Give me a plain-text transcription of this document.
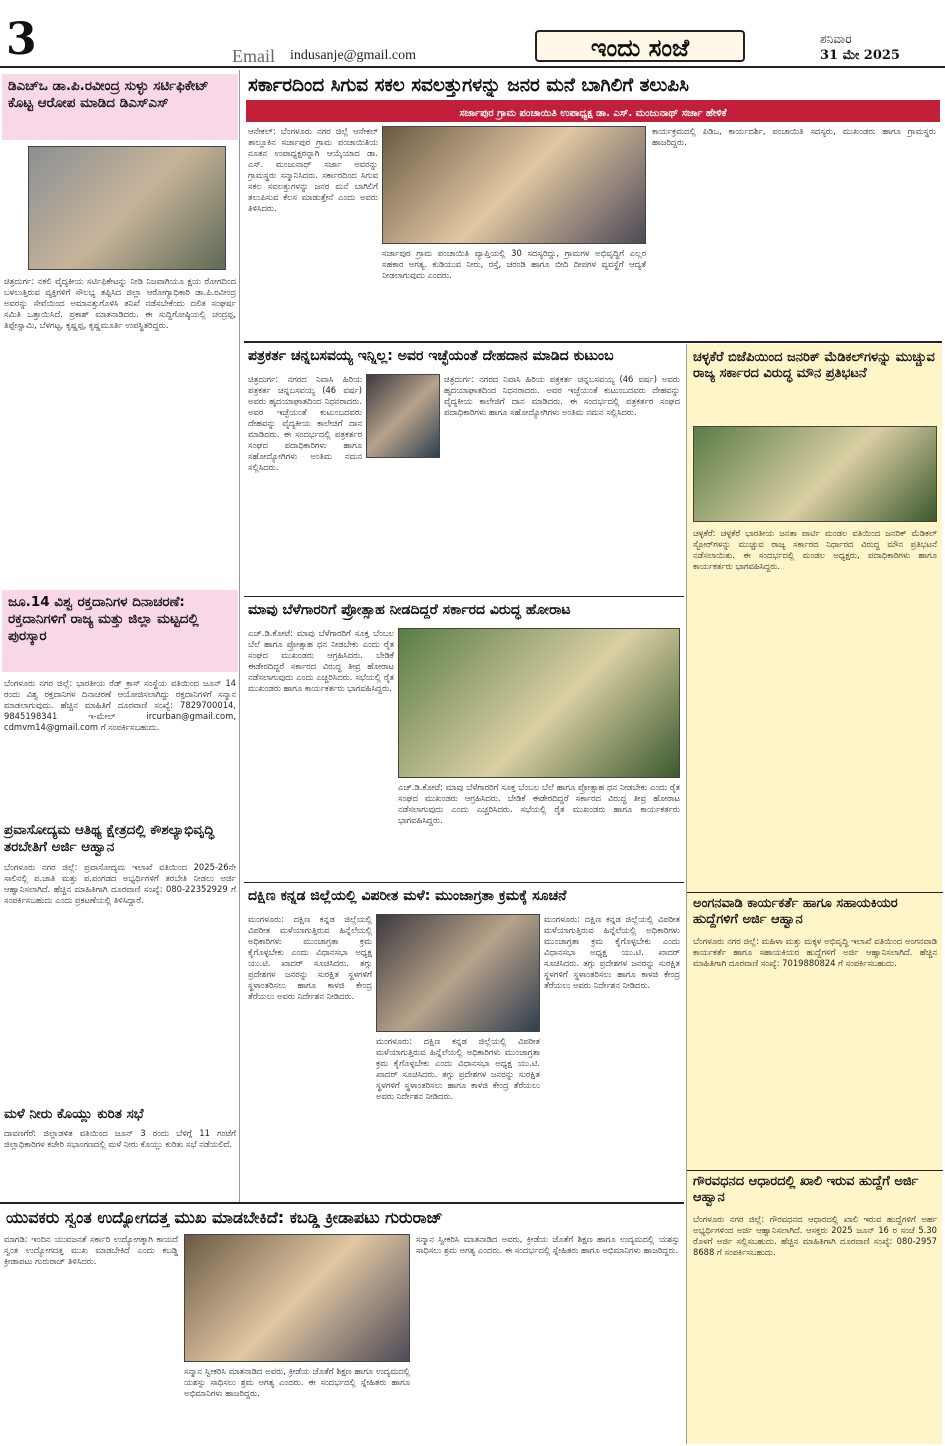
3	Email indusanje@gmail.com	ಇಂದು ಸಂಜೆ	ಶನಿವಾರ
31 ಮೇ 2025
ಡಿಎಚ್‌ಒ ಡಾ.ಪಿ.ರವೀಂದ್ರ ಸುಳ್ಳು ಸರ್ಟಿಫಿಕೇಟ್ ಕೊಟ್ಟ ಆರೋಪ ಮಾಡಿದ ಡಿಎಸ್‌ಎಸ್
ಚಿತ್ರದುರ್ಗ: ನಕಲಿ ವೈದ್ಯಕೀಯ ಸರ್ಟಿಫಿಕೇಟನ್ನು ನೀಡಿ ನಿಜವಾಗಿಯೂ ಕ್ಷಯ ರೋಗದಿಂದ ಬಳಲುತ್ತಿರುವ ವ್ಯಕ್ತಿಗಳಿಗೆ ಸೌಲಭ್ಯ ತಪ್ಪಿಸಿದ ಜಿಲ್ಲಾ ಆರೋಗ್ಯಾಧಿಕಾರಿ ಡಾ.ಪಿ.ರವೀಂದ್ರ ಅವರನ್ನು ಸೇವೆಯಿಂದ ಅಮಾನತ್ತುಗೊಳಿಸಿ ತನಿಖೆ ನಡೆಸಬೇಕೆಂದು ದಲಿತ ಸಂಘರ್ಷ ಸಮಿತಿ ಒತ್ತಾಯಿಸಿದೆ. ಪ್ರಕಾಶ್ ಮಾತನಾಡಿದರು. ಈ ಸುದ್ದಿಗೋಷ್ಠಿಯಲ್ಲಿ ಚಂದ್ರಪ್ಪ, ತಿಪ್ಪೇಸ್ವಾಮಿ, ಬೆಳಗಟ್ಟ, ಕೃಷ್ಣಪ್ಪ, ಕೃಷ್ಣಮೂರ್ತಿ ಉಪಸ್ಥಿತರಿದ್ದರು.
ಜೂ.14 ವಿಶ್ವ ರಕ್ತದಾನಿಗಳ ದಿನಾಚರಣೆ: ರಕ್ತದಾನಿಗಳಿಗೆ ರಾಜ್ಯ ಮತ್ತು ಜಿಲ್ಲಾ ಮಟ್ಟದಲ್ಲಿ ಪುರಸ್ಕಾರ
ಬೆಂಗಳೂರು ನಗರ ಜಿಲ್ಲೆ: ಭಾರತೀಯ ರೆಡ್ ಕ್ರಾಸ್ ಸಂಸ್ಥೆಯ ವತಿಯಿಂದ ಜೂನ್ 14 ರಂದು ವಿಶ್ವ ರಕ್ತದಾನಿಗಳ ದಿನಾಚರಣೆ ಆಯೋಜಿಸಲಾಗಿದ್ದು ರಕ್ತದಾನಿಗಳಿಗೆ ಸನ್ಮಾನ ಮಾಡಲಾಗುವುದು. ಹೆಚ್ಚಿನ ಮಾಹಿತಿಗೆ ದೂರವಾಣಿ ಸಂಖ್ಯೆ: 7829700014, 9845198341 ಇ-ಮೇಲ್ ircurban@gmail.com, cdmvm14@gmail.com ಗೆ ಸಂಪರ್ಕಿಸಬಹುದು.
ಪ್ರವಾಸೋದ್ಯಮ ಆತಿಥ್ಯ ಕ್ಷೇತ್ರದಲ್ಲಿ ಕೌಶಲ್ಯಾಭಿವೃದ್ಧಿ ತರಬೇತಿಗೆ ಅರ್ಜಿ ಆಹ್ವಾನ
ಬೆಂಗಳೂರು ನಗರ ಜಿಲ್ಲೆ: ಪ್ರವಾಸೋದ್ಯಮ ಇಲಾಖೆ ವತಿಯಿಂದ 2025-26ನೇ ಸಾಲಿನಲ್ಲಿ ಪ.ಜಾತಿ ಮತ್ತು ಪ.ಪಂಗಡದ ಅಭ್ಯರ್ಥಿಗಳಿಗೆ ತರಬೇತಿ ನೀಡಲು ಅರ್ಜಿ ಆಹ್ವಾನಿಸಲಾಗಿದೆ. ಹೆಚ್ಚಿನ ಮಾಹಿತಿಗಾಗಿ ದೂರವಾಣಿ ಸಂಖ್ಯೆ: 080-22352929 ಗೆ ಸಂಪರ್ಕಿಸಬಹುದು ಎಂದು ಪ್ರಕಟಣೆಯಲ್ಲಿ ತಿಳಿಸಿದ್ದಾರೆ.
ಮಳೆ ನೀರು ಕೊಯ್ಲು ಕುರಿತ ಸಭೆ
ದಾವಣಗೆರೆ: ಜಿಲ್ಲಾಡಳಿತ ವತಿಯಿಂದ ಜೂನ್ 3 ರಂದು ಬೆಳಿಗ್ಗೆ 11 ಗಂಟೆಗೆ ಜಿಲ್ಲಾಧಿಕಾರಿಗಳ ಕಚೇರಿ ಸಭಾಂಗಣದಲ್ಲಿ ಮಳೆ ನೀರು ಕೊಯ್ಲು ಕುರಿತು ಸಭೆ ನಡೆಯಲಿದೆ.
ಸರ್ಕಾರದಿಂದ ಸಿಗುವ ಸಕಲ ಸವಲತ್ತುಗಳನ್ನು ಜನರ ಮನೆ ಬಾಗಿಲಿಗೆ ತಲುಪಿಸಿ
ಸರ್ಜಾಪುರ ಗ್ರಾಮ ಪಂಚಾಯಿತಿ ಉಪಾಧ್ಯಕ್ಷ ಡಾ. ಎಸ್. ಮಂಜುನಾಥ್ ಸರ್ಜಾ ಹೇಳಿಕೆ
ಆನೇಕಲ್: ಬೆಂಗಳೂರು ನಗರ ಜಿಲ್ಲೆ ಆನೇಕಲ್ ತಾಲ್ಲೂಕಿನ ಸರ್ಜಾಪುರ ಗ್ರಾಮ ಪಂಚಾಯಿತಿಯ ನೂತನ ಉಪಾಧ್ಯಕ್ಷರನ್ನಾಗಿ ಆಯ್ಕೆಯಾದ ಡಾ. ಎಸ್. ಮಂಜುನಾಥ್ ಸರ್ಜಾ ಅವರನ್ನು ಗ್ರಾಮಸ್ಥರು ಸನ್ಮಾನಿಸಿದರು. ಸರ್ಕಾರದಿಂದ ಸಿಗುವ ಸಕಲ ಸವಲತ್ತುಗಳನ್ನು ಜನರ ಮನೆ ಬಾಗಿಲಿಗೆ ತಲುಪಿಸುವ ಕೆಲಸ ಮಾಡುತ್ತೇನೆ ಎಂದು ಅವರು ತಿಳಿಸಿದರು.
ಸರ್ಜಾಪುರ ಗ್ರಾಮ ಪಂಚಾಯಿತಿ ವ್ಯಾಪ್ತಿಯಲ್ಲಿ 30 ಸದಸ್ಯರಿದ್ದು, ಗ್ರಾಮಗಳ ಅಭಿವೃದ್ಧಿಗೆ ಎಲ್ಲರ ಸಹಕಾರ ಅಗತ್ಯ. ಕುಡಿಯುವ ನೀರು, ರಸ್ತೆ, ಚರಂಡಿ ಹಾಗೂ ಬೀದಿ ದೀಪಗಳ ವ್ಯವಸ್ಥೆಗೆ ಆದ್ಯತೆ ನೀಡಲಾಗುವುದು ಎಂದರು.
ಕಾರ್ಯಕ್ರಮದಲ್ಲಿ ಪಿಡಿಒ, ಕಾರ್ಯದರ್ಶಿ, ಪಂಚಾಯಿತಿ ಸದಸ್ಯರು, ಮುಖಂಡರು ಹಾಗೂ ಗ್ರಾಮಸ್ಥರು ಹಾಜರಿದ್ದರು.
ಪತ್ರಕರ್ತ ಚನ್ನಬಸವಯ್ಯ ಇನ್ನಿಲ್ಲ: ಅವರ ಇಚ್ಛೆಯಂತೆ ದೇಹದಾನ ಮಾಡಿದ ಕುಟುಂಬ
ಚಿತ್ರದುರ್ಗ: ನಗರದ ನಿವಾಸಿ ಹಿರಿಯ ಪತ್ರಕರ್ತ ಚನ್ನಬಸವಯ್ಯ (46 ವರ್ಷ) ಅವರು ಹೃದಯಾಘಾತದಿಂದ ನಿಧನರಾದರು. ಅವರ ಇಚ್ಛೆಯಂತೆ ಕುಟುಂಬದವರು ದೇಹವನ್ನು ವೈದ್ಯಕೀಯ ಕಾಲೇಜಿಗೆ ದಾನ ಮಾಡಿದರು. ಈ ಸಂದರ್ಭದಲ್ಲಿ ಪತ್ರಕರ್ತರ ಸಂಘದ ಪದಾಧಿಕಾರಿಗಳು ಹಾಗೂ ಸಹೋದ್ಯೋಗಿಗಳು ಅಂತಿಮ ನಮನ ಸಲ್ಲಿಸಿದರು.
ಚಿತ್ರದುರ್ಗ: ನಗರದ ನಿವಾಸಿ ಹಿರಿಯ ಪತ್ರಕರ್ತ ಚನ್ನಬಸವಯ್ಯ (46 ವರ್ಷ) ಅವರು ಹೃದಯಾಘಾತದಿಂದ ನಿಧನರಾದರು. ಅವರ ಇಚ್ಛೆಯಂತೆ ಕುಟುಂಬದವರು ದೇಹವನ್ನು ವೈದ್ಯಕೀಯ ಕಾಲೇಜಿಗೆ ದಾನ ಮಾಡಿದರು. ಈ ಸಂದರ್ಭದಲ್ಲಿ ಪತ್ರಕರ್ತರ ಸಂಘದ ಪದಾಧಿಕಾರಿಗಳು ಹಾಗೂ ಸಹೋದ್ಯೋಗಿಗಳು ಅಂತಿಮ ನಮನ ಸಲ್ಲಿಸಿದರು.
ಮಾವು ಬೆಳೆಗಾರರಿಗೆ ಪ್ರೋತ್ಸಾಹ ನೀಡದಿದ್ದರೆ ಸರ್ಕಾರದ ವಿರುದ್ಧ ಹೋರಾಟ
ಎಚ್.ಡಿ.ಕೋಟೆ: ಮಾವು ಬೆಳೆಗಾರರಿಗೆ ಸೂಕ್ತ ಬೆಂಬಲ ಬೆಲೆ ಹಾಗೂ ಪ್ರೋತ್ಸಾಹ ಧನ ನೀಡಬೇಕು ಎಂದು ರೈತ ಸಂಘದ ಮುಖಂಡರು ಆಗ್ರಹಿಸಿದರು. ಬೇಡಿಕೆ ಈಡೇರದಿದ್ದರೆ ಸರ್ಕಾರದ ವಿರುದ್ಧ ತೀವ್ರ ಹೋರಾಟ ನಡೆಸಲಾಗುವುದು ಎಂದು ಎಚ್ಚರಿಸಿದರು. ಸಭೆಯಲ್ಲಿ ರೈತ ಮುಖಂಡರು ಹಾಗೂ ಕಾರ್ಯಕರ್ತರು ಭಾಗವಹಿಸಿದ್ದರು.
ಎಚ್.ಡಿ.ಕೋಟೆ: ಮಾವು ಬೆಳೆಗಾರರಿಗೆ ಸೂಕ್ತ ಬೆಂಬಲ ಬೆಲೆ ಹಾಗೂ ಪ್ರೋತ್ಸಾಹ ಧನ ನೀಡಬೇಕು ಎಂದು ರೈತ ಸಂಘದ ಮುಖಂಡರು ಆಗ್ರಹಿಸಿದರು. ಬೇಡಿಕೆ ಈಡೇರದಿದ್ದರೆ ಸರ್ಕಾರದ ವಿರುದ್ಧ ತೀವ್ರ ಹೋರಾಟ ನಡೆಸಲಾಗುವುದು ಎಂದು ಎಚ್ಚರಿಸಿದರು. ಸಭೆಯಲ್ಲಿ ರೈತ ಮುಖಂಡರು ಹಾಗೂ ಕಾರ್ಯಕರ್ತರು ಭಾಗವಹಿಸಿದ್ದರು.
ದಕ್ಷಿಣ ಕನ್ನಡ ಜಿಲ್ಲೆಯಲ್ಲಿ ವಿಪರೀತ ಮಳೆ: ಮುಂಜಾಗ್ರತಾ ಕ್ರಮಕ್ಕೆ ಸೂಚನೆ
ಮಂಗಳೂರು: ದಕ್ಷಿಣ ಕನ್ನಡ ಜಿಲ್ಲೆಯಲ್ಲಿ ವಿಪರೀತ ಮಳೆಯಾಗುತ್ತಿರುವ ಹಿನ್ನೆಲೆಯಲ್ಲಿ ಅಧಿಕಾರಿಗಳು ಮುಂಜಾಗ್ರತಾ ಕ್ರಮ ಕೈಗೊಳ್ಳಬೇಕು ಎಂದು ವಿಧಾನಸಭಾ ಅಧ್ಯಕ್ಷ ಯು.ಟಿ. ಖಾದರ್ ಸೂಚಿಸಿದರು. ತಗ್ಗು ಪ್ರದೇಶಗಳ ಜನರನ್ನು ಸುರಕ್ಷಿತ ಸ್ಥಳಗಳಿಗೆ ಸ್ಥಳಾಂತರಿಸಲು ಹಾಗೂ ಕಾಳಜಿ ಕೇಂದ್ರ ತೆರೆಯಲು ಅವರು ನಿರ್ದೇಶನ ನೀಡಿದರು.
ಮಂಗಳೂರು: ದಕ್ಷಿಣ ಕನ್ನಡ ಜಿಲ್ಲೆಯಲ್ಲಿ ವಿಪರೀತ ಮಳೆಯಾಗುತ್ತಿರುವ ಹಿನ್ನೆಲೆಯಲ್ಲಿ ಅಧಿಕಾರಿಗಳು ಮುಂಜಾಗ್ರತಾ ಕ್ರಮ ಕೈಗೊಳ್ಳಬೇಕು ಎಂದು ವಿಧಾನಸಭಾ ಅಧ್ಯಕ್ಷ ಯು.ಟಿ. ಖಾದರ್ ಸೂಚಿಸಿದರು. ತಗ್ಗು ಪ್ರದೇಶಗಳ ಜನರನ್ನು ಸುರಕ್ಷಿತ ಸ್ಥಳಗಳಿಗೆ ಸ್ಥಳಾಂತರಿಸಲು ಹಾಗೂ ಕಾಳಜಿ ಕೇಂದ್ರ ತೆರೆಯಲು ಅವರು ನಿರ್ದೇಶನ ನೀಡಿದರು.
ಮಂಗಳೂರು: ದಕ್ಷಿಣ ಕನ್ನಡ ಜಿಲ್ಲೆಯಲ್ಲಿ ವಿಪರೀತ ಮಳೆಯಾಗುತ್ತಿರುವ ಹಿನ್ನೆಲೆಯಲ್ಲಿ ಅಧಿಕಾರಿಗಳು ಮುಂಜಾಗ್ರತಾ ಕ್ರಮ ಕೈಗೊಳ್ಳಬೇಕು ಎಂದು ವಿಧಾನಸಭಾ ಅಧ್ಯಕ್ಷ ಯು.ಟಿ. ಖಾದರ್ ಸೂಚಿಸಿದರು. ತಗ್ಗು ಪ್ರದೇಶಗಳ ಜನರನ್ನು ಸುರಕ್ಷಿತ ಸ್ಥಳಗಳಿಗೆ ಸ್ಥಳಾಂತರಿಸಲು ಹಾಗೂ ಕಾಳಜಿ ಕೇಂದ್ರ ತೆರೆಯಲು ಅವರು ನಿರ್ದೇಶನ ನೀಡಿದರು.
ಚಳ್ಳಕೆರೆ ಬಿಜೆಪಿಯಿಂದ ಜನರಿಕ್ ಮೆಡಿಕಲ್‌ಗಳನ್ನು ಮುಚ್ಚುವ ರಾಜ್ಯ ಸರ್ಕಾರದ ವಿರುದ್ಧ ಮೌನ ಪ್ರತಿಭಟನೆ
ಚಳ್ಳಕೆರೆ: ಚಳ್ಳಕೆರೆ ಭಾರತೀಯ ಜನತಾ ಪಾರ್ಟಿ ಮಂಡಲ ವತಿಯಿಂದ ಜನರಿಕ್ ಮೆಡಿಕಲ್ ಸ್ಟೋರ್‌ಗಳನ್ನು ಮುಚ್ಚುವ ರಾಜ್ಯ ಸರ್ಕಾರದ ನಿರ್ಧಾರದ ವಿರುದ್ಧ ಮೌನ ಪ್ರತಿಭಟನೆ ನಡೆಸಲಾಯಿತು. ಈ ಸಂದರ್ಭದಲ್ಲಿ ಮಂಡಲ ಅಧ್ಯಕ್ಷರು, ಪದಾಧಿಕಾರಿಗಳು ಹಾಗೂ ಕಾರ್ಯಕರ್ತರು ಭಾಗವಹಿಸಿದ್ದರು.
ಅಂಗನವಾಡಿ ಕಾರ್ಯಕರ್ತೆ ಹಾಗೂ ಸಹಾಯಕಿಯರ ಹುದ್ದೆಗಳಿಗೆ ಅರ್ಜಿ ಆಹ್ವಾನ
ಬೆಂಗಳೂರು ನಗರ ಜಿಲ್ಲೆ: ಮಹಿಳಾ ಮತ್ತು ಮಕ್ಕಳ ಅಭಿವೃದ್ಧಿ ಇಲಾಖೆ ವತಿಯಿಂದ ಅಂಗನವಾಡಿ ಕಾರ್ಯಕರ್ತೆ ಹಾಗೂ ಸಹಾಯಕಿಯರ ಹುದ್ದೆಗಳಿಗೆ ಅರ್ಜಿ ಆಹ್ವಾನಿಸಲಾಗಿದೆ. ಹೆಚ್ಚಿನ ಮಾಹಿತಿಗಾಗಿ ದೂರವಾಣಿ ಸಂಖ್ಯೆ: 7019880824 ಗೆ ಸಂಪರ್ಕಿಸಬಹುದು.
ಗೌರವಧನದ ಆಧಾರದಲ್ಲಿ ಖಾಲಿ ಇರುವ ಹುದ್ದೆಗೆ ಅರ್ಜಿ ಆಹ್ವಾನ
ಬೆಂಗಳೂರು ನಗರ ಜಿಲ್ಲೆ: ಗೌರವಧನದ ಆಧಾರದಲ್ಲಿ ಖಾಲಿ ಇರುವ ಹುದ್ದೆಗಳಿಗೆ ಅರ್ಹ ಅಭ್ಯರ್ಥಿಗಳಿಂದ ಅರ್ಜಿ ಆಹ್ವಾನಿಸಲಾಗಿದೆ. ಆಸಕ್ತರು 2025 ಜೂನ್ 16 ರ ಸಂಜೆ 5.30 ರೊಳಗೆ ಅರ್ಜಿ ಸಲ್ಲಿಸಬಹುದು. ಹೆಚ್ಚಿನ ಮಾಹಿತಿಗಾಗಿ ದೂರವಾಣಿ ಸಂಖ್ಯೆ: 080-2957 8688 ಗೆ ಸಂಪರ್ಕಿಸಬಹುದು.
ಯುವಕರು ಸ್ವಂತ ಉದ್ಯೋಗದತ್ತ ಮುಖ ಮಾಡಬೇಕಿದೆ: ಕಬಡ್ಡಿ ಕ್ರೀಡಾಪಟು ಗುರುರಾಜ್
ಮಾಗಡಿ: ಇಂದಿನ ಯುವಜನತೆ ಸರ್ಕಾರಿ ಉದ್ಯೋಗಕ್ಕಾಗಿ ಕಾಯದೆ ಸ್ವಂತ ಉದ್ಯೋಗದತ್ತ ಮುಖ ಮಾಡಬೇಕಿದೆ ಎಂದು ಕಬಡ್ಡಿ ಕ್ರೀಡಾಪಟು ಗುರುರಾಜ್ ತಿಳಿಸಿದರು.
ಸನ್ಮಾನ ಸ್ವೀಕರಿಸಿ ಮಾತನಾಡಿದ ಅವರು, ಕ್ರೀಡೆಯ ಜೊತೆಗೆ ಶಿಕ್ಷಣ ಹಾಗೂ ಉದ್ಯಮದಲ್ಲಿ ಯಶಸ್ಸು ಸಾಧಿಸಲು ಶ್ರಮ ಅಗತ್ಯ ಎಂದರು. ಈ ಸಂದರ್ಭದಲ್ಲಿ ಸ್ನೇಹಿತರು ಹಾಗೂ ಅಭಿಮಾನಿಗಳು ಹಾಜರಿದ್ದರು.
ಸನ್ಮಾನ ಸ್ವೀಕರಿಸಿ ಮಾತನಾಡಿದ ಅವರು, ಕ್ರೀಡೆಯ ಜೊತೆಗೆ ಶಿಕ್ಷಣ ಹಾಗೂ ಉದ್ಯಮದಲ್ಲಿ ಯಶಸ್ಸು ಸಾಧಿಸಲು ಶ್ರಮ ಅಗತ್ಯ ಎಂದರು. ಈ ಸಂದರ್ಭದಲ್ಲಿ ಸ್ನೇಹಿತರು ಹಾಗೂ ಅಭಿಮಾನಿಗಳು ಹಾಜರಿದ್ದರು.
